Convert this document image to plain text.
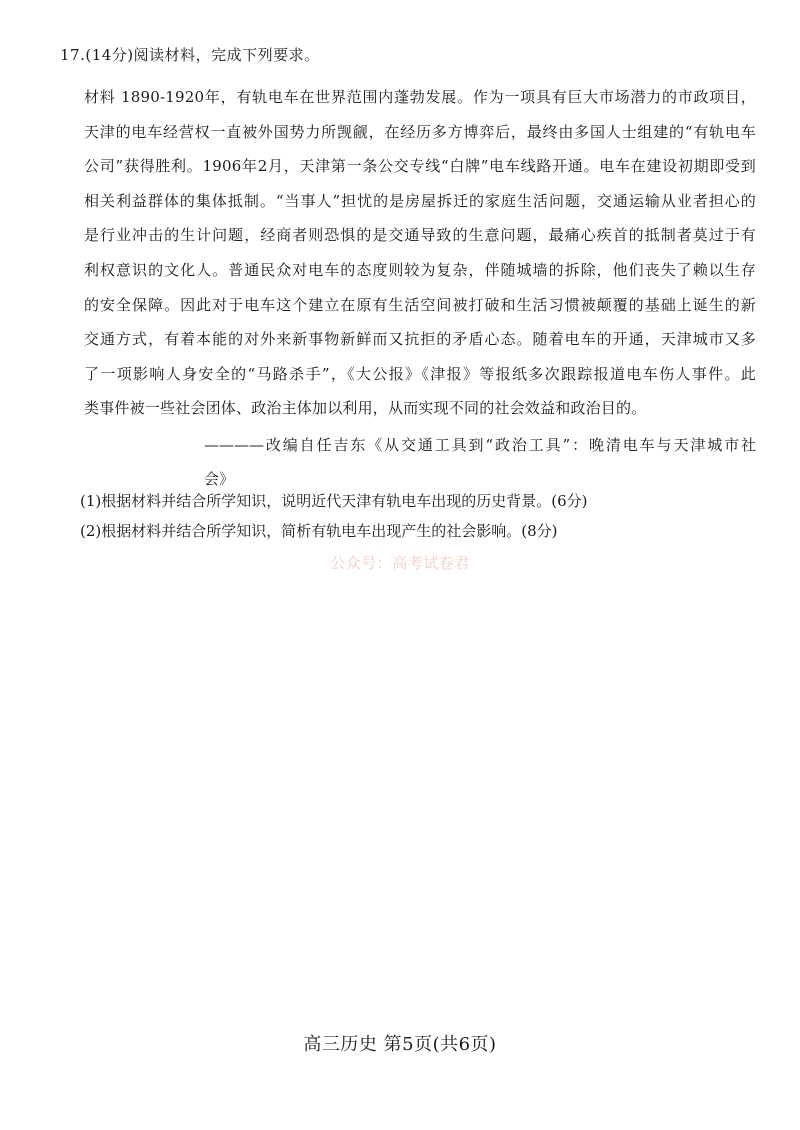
17.(14分)阅读材料，完成下列要求。
材料 1890-1920年，有轨电车在世界范围内蓬勃发展。作为一项具有巨大市场潜力的市政项目，
天津的电车经营权一直被外国势力所觊觎，在经历多方博弈后，最终由多国人士组建的“有轨电车
公司”获得胜利。1906年2月，天津第一条公交专线“白牌”电车线路开通。电车在建设初期即受到
相关利益群体的集体抵制。“当事人”担忧的是房屋拆迁的家庭生活问题，交通运输从业者担心的
是行业冲击的生计问题，经商者则恐惧的是交通导致的生意问题，最痛心疾首的抵制者莫过于有
利权意识的文化人。普通民众对电车的态度则较为复杂，伴随城墙的拆除，他们丧失了赖以生存
的安全保障。因此对于电车这个建立在原有生活空间被打破和生活习惯被颠覆的基础上诞生的新
交通方式，有着本能的对外来新事物新鲜而又抗拒的矛盾心态。随着电车的开通，天津城市又多
了一项影响人身安全的“马路杀手”，《大公报》《津报》等报纸多次跟踪报道电车伤人事件。此
类事件被一些社会团体、政治主体加以利用，从而实现不同的社会效益和政治目的。
————改编自任吉东《从交通工具到“政治工具”：晚清电车与天津城市社
会》
(1)根据材料并结合所学知识，说明近代天津有轨电车出现的历史背景。(6分)
(2)根据材料并结合所学知识，简析有轨电车出现产生的社会影响。(8分)
公众号：高考试卷君
高三历史 第5页(共6页)
